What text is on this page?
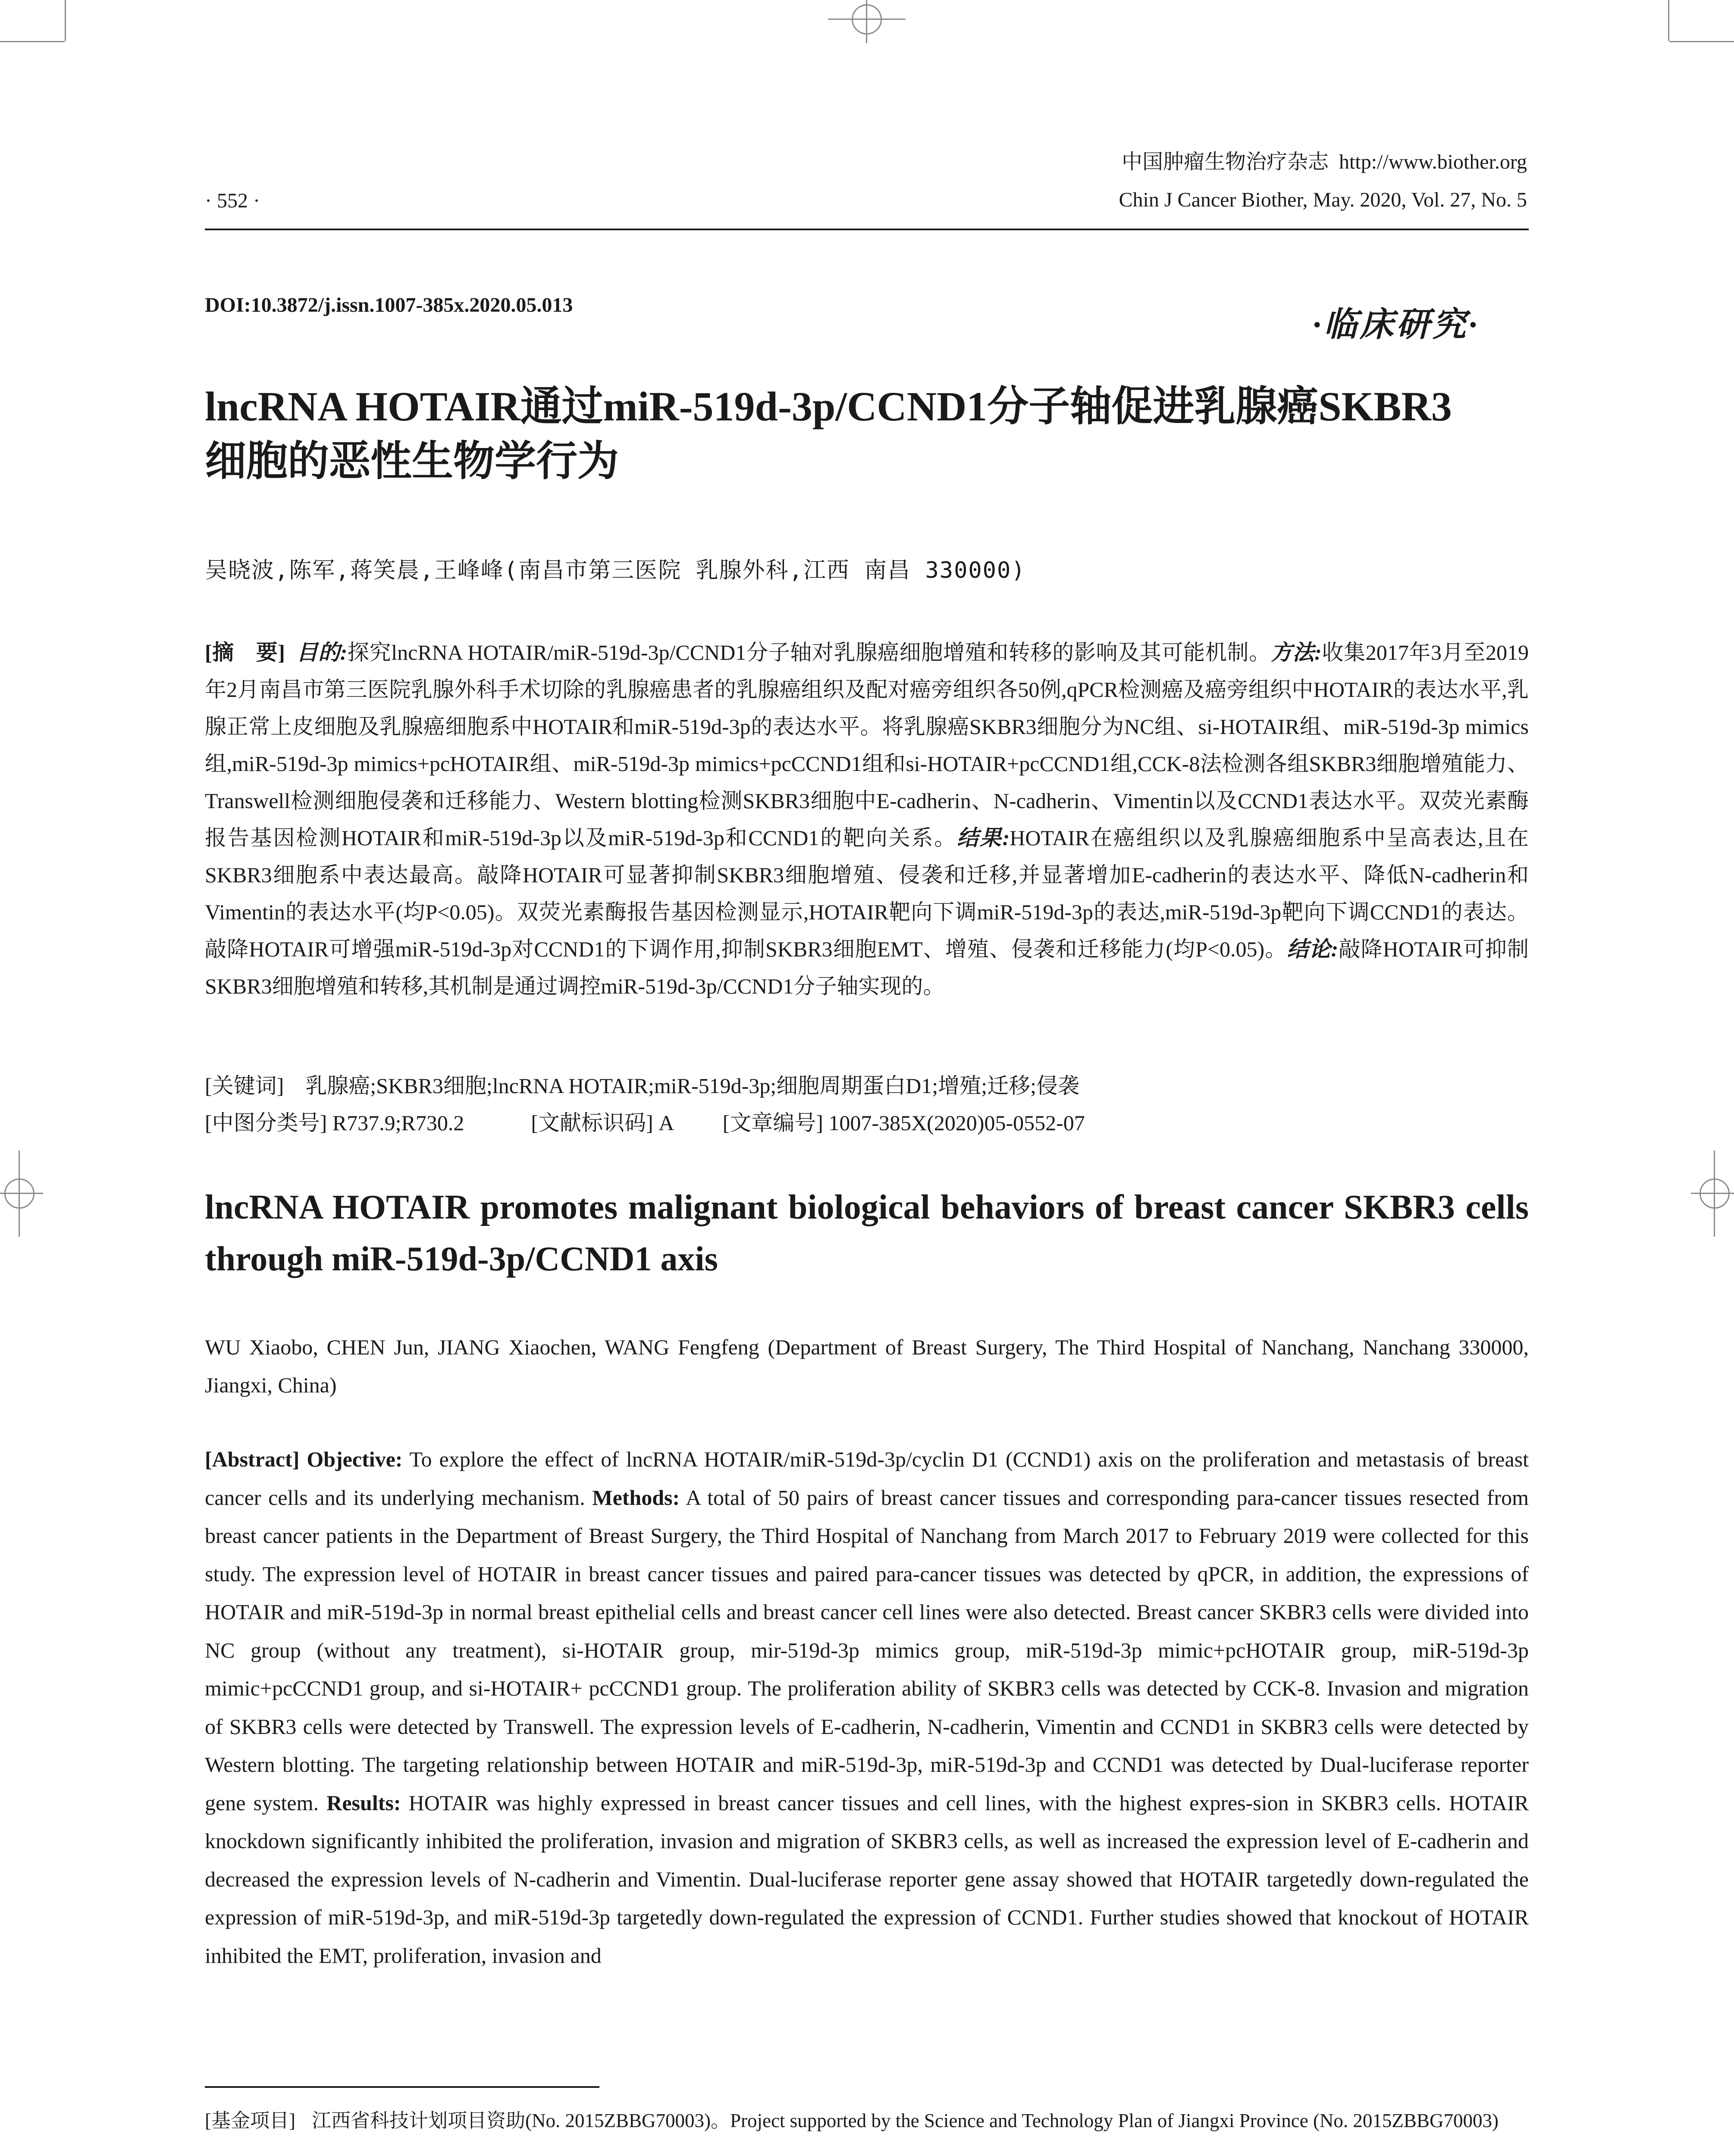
中国肿瘤生物治疗杂志 http://www.biother.org
Chin J Cancer Biother, May. 2020, Vol. 27, No. 5
· 552 ·
DOI:10.3872/j.issn.1007-385x.2020.05.013
·临床研究·
lncRNA HOTAIR通过miR-519d-3p/CCND1分子轴促进乳腺癌SKBR3
细胞的恶性生物学行为
吴晓波,陈军,蒋笑晨,王峰峰(南昌市第三医院 乳腺外科,江西 南昌 330000)
[摘　要] 目的:探究lncRNA HOTAIR/miR-519d-3p/CCND1分子轴对乳腺癌细胞增殖和转移的影响及其可能机制。方法:收集2017年3月至2019年2月南昌市第三医院乳腺外科手术切除的乳腺癌患者的乳腺癌组织及配对癌旁组织各50例,qPCR检测癌及癌旁组织中HOTAIR的表达水平,乳腺正常上皮细胞及乳腺癌细胞系中HOTAIR和miR-519d-3p的表达水平。将乳腺癌SKBR3细胞分为NC组、si-HOTAIR组、miR-519d-3p mimics组,miR-519d-3p mimics+pcHOTAIR组、miR-519d-3p mimics+pcCCND1组和si-HOTAIR+pcCCND1组,CCK-8法检测各组SKBR3细胞增殖能力、Transwell检测细胞侵袭和迁移能力、Western blotting检测SKBR3细胞中E-cadherin、N-cadherin、Vimentin以及CCND1表达水平。双荧光素酶报告基因检测HOTAIR和miR-519d-3p以及miR-519d-3p和CCND1的靶向关系。结果:HOTAIR在癌组织以及乳腺癌细胞系中呈高表达,且在SKBR3细胞系中表达最高。敲降HOTAIR可显著抑制SKBR3细胞增殖、侵袭和迁移,并显著增加E-cadherin的表达水平、降低N-cadherin和Vimentin的表达水平(均P<0.05)。双荧光素酶报告基因检测显示,HOTAIR靶向下调miR-519d-3p的表达,miR-519d-3p靶向下调CCND1的表达。敲降HOTAIR可增强miR-519d-3p对CCND1的下调作用,抑制SKBR3细胞EMT、增殖、侵袭和迁移能力(均P<0.05)。结论:敲降HOTAIR可抑制SKBR3细胞增殖和转移,其机制是通过调控miR-519d-3p/CCND1分子轴实现的。
[关键词] 乳腺癌;SKBR3细胞;lncRNA HOTAIR;miR-519d-3p;细胞周期蛋白D1;增殖;迁移;侵袭
[中图分类号] R737.9;R730.2	[文献标识码] A [文章编号] 1007-385X(2020)05-0552-07
lncRNA HOTAIR promotes malignant biological behaviors of breast cancer SKBR3 cells through miR-519d-3p/CCND1 axis
WU Xiaobo, CHEN Jun, JIANG Xiaochen, WANG Fengfeng (Department of Breast Surgery, The Third Hospital of Nanchang, Nanchang 330000, Jiangxi, China)
[Abstract] Objective: To explore the effect of lncRNA HOTAIR/miR-519d-3p/cyclin D1 (CCND1) axis on the proliferation and metastasis of breast cancer cells and its underlying mechanism. Methods: A total of 50 pairs of breast cancer tissues and corresponding para-cancer tissues resected from breast cancer patients in the Department of Breast Surgery, the Third Hospital of Nanchang from March 2017 to February 2019 were collected for this study. The expression level of HOTAIR in breast cancer tissues and paired para-cancer tissues was detected by qPCR, in addition, the expressions of HOTAIR and miR-519d-3p in normal breast epithelial cells and breast cancer cell lines were also detected. Breast cancer SKBR3 cells were divided into NC group (without any treatment), si-HOTAIR group, mir-519d-3p mimics group, miR-519d-3p mimic+pcHOTAIR group, miR-519d-3p mimic+pcCCND1 group, and si-HOTAIR+ pcCCND1 group. The proliferation ability of SKBR3 cells was detected by CCK-8. Invasion and migration of SKBR3 cells were detected by Transwell. The expression levels of E-cadherin, N-cadherin, Vimentin and CCND1 in SKBR3 cells were detected by Western blotting. The targeting relationship between HOTAIR and miR-519d-3p, miR-519d-3p and CCND1 was detected by Dual-luciferase reporter gene system. Results: HOTAIR was highly expressed in breast cancer tissues and cell lines, with the highest expres-sion in SKBR3 cells. HOTAIR knockdown significantly inhibited the proliferation, invasion and migration of SKBR3 cells, as well as increased the expression level of E-cadherin and decreased the expression levels of N-cadherin and Vimentin. Dual-luciferase reporter gene assay showed that HOTAIR targetedly down-regulated the expression of miR-519d-3p, and miR-519d-3p targetedly down-regulated the expression of CCND1. Further studies showed that knockout of HOTAIR inhibited the EMT, proliferation, invasion and
[基金项目] 江西省科技计划项目资助(No. 2015ZBBG70003)。Project supported by the Science and Technology Plan of Jiangxi Province (No. 2015ZBBG70003)
